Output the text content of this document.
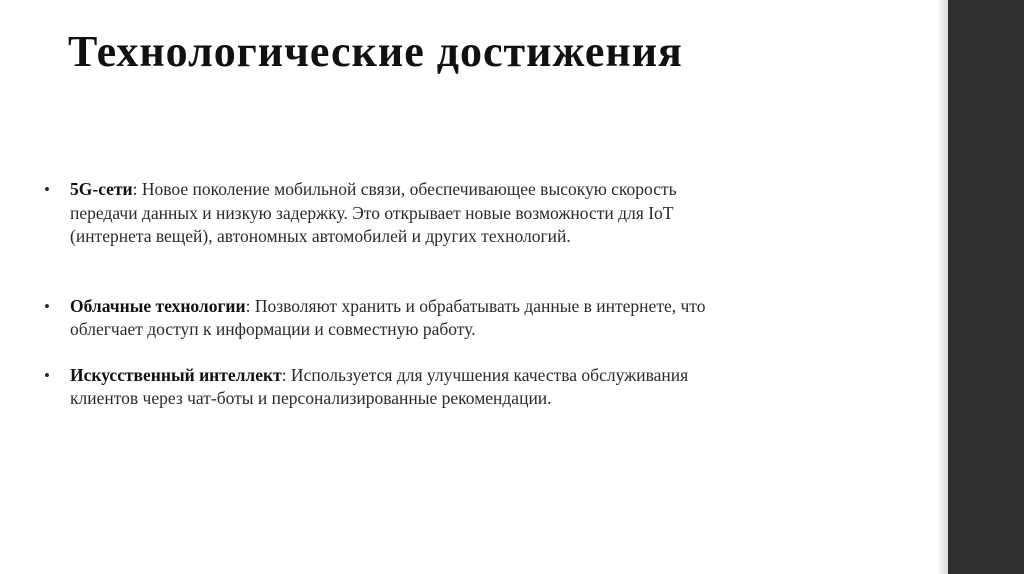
Технологические достижения
• 5G-сети: Новое поколение мобильной связи, обеспечивающее высокую скорость передачи данных и низкую задержку. Это открывает новые возможности для IoT (интернета вещей), автономных автомобилей и других технологий.
• Облачные технологии: Позволяют хранить и обрабатывать данные в интернете, что облегчает доступ к информации и совместную работу.
• Искусственный интеллект: Используется для улучшения качества обслуживания клиентов через чат-боты и персонализированные рекомендации.
